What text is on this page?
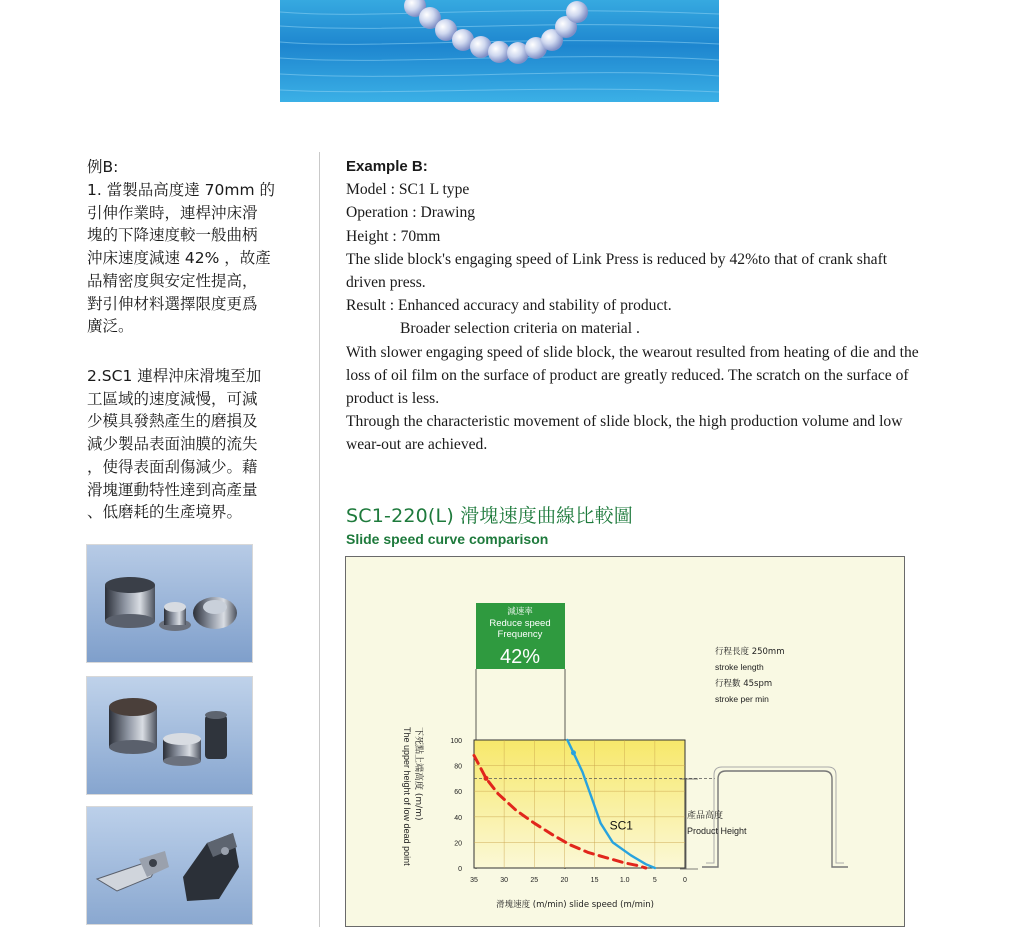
例B:

1. 當製品高度達 70mm 的
引伸作業時，連桿沖床滑
塊的下降速度較一般曲柄
沖床速度減速 42% ，故產
品精密度與安定性提高，
對引伸材料選擇限度更爲
廣泛。

2.SC1 連桿沖床滑塊至加
工區域的速度減慢，可減
少模具發熱產生的磨損及
減少製品表面油膜的流失
，使得表面刮傷減少。藉
滑塊運動特性達到高產量
、低磨耗的生產境界。

Example B:

Model : SC1 L type

Operation : Drawing

Height : 70mm

The slide block's engaging speed of Link Press is reduced by 42%to that of crank shaft driven press.

Result : Enhanced accuracy and stability of product.

Broader selection criteria on material .

With slower engaging speed of slide block, the wearout resulted from heating of die and the loss of oil film on the surface of product are greatly reduced. The scratch on the surface of product is less.

Through the characteristic movement of slide block, the high production volume and low wear-out are achieved.

SC1-220(L) 滑塊速度曲線比較圖
Slide speed curve comparison
減速率
Reduce speed
Frequency
42%	行程長度 250mm
stroke length
行程數 45spm
stroke per min
下死點上端高度 (m/m)
The upper height of low dead point	100
80
60
40
20
0
35	30	25	20	15	1.0	5	0
SC1
滑塊速度 (m/min) slide speed (m/min)
產品高度
Product Height
